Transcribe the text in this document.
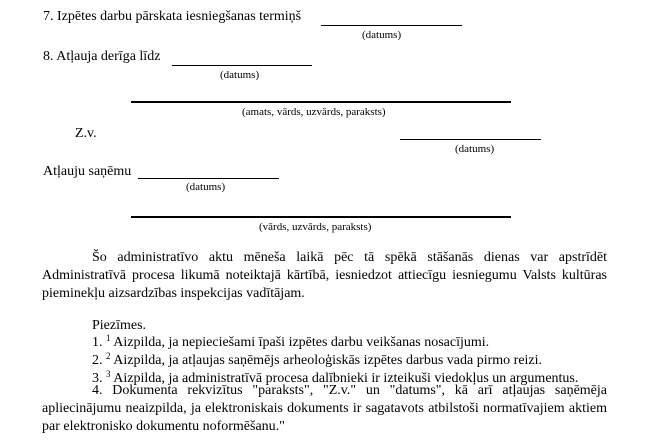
7. Izpētes darbu pārskata iesniegšanas termiņš
(datums)
8. Atļauja derīga līdz
(datums)
(amats, vārds, uzvārds, paraksts)
Z.v.
(datums)
Atļauju saņēmu
(datums)
(vārds, uzvārds, paraksts)
Šo administratīvo aktu mēneša laikā pēc tā spēkā stāšanās dienas var apstrīdēt Administratīvā procesa likumā noteiktajā kārtībā, iesniedzot attiecīgu iesniegumu Valsts kultūras pieminekļu aizsardzības inspekcijas vadītājam.
Piezīmes.
1. $^1$ Aizpilda, ja nepieciešami īpaši izpētes darbu veikšanas nosacījumi.
2. $^2$ Aizpilda, ja atļaujas saņēmējs arheoloģiskās izpētes darbus vada pirmo reizi.
3. $^3$ Aizpilda, ja administratīvā procesa dalībnieki ir izteikuši viedokļus un argumentus.
4. Dokumenta rekvizītus "paraksts", "Z.v." un "datums", kā arī atļaujas saņēmēja apliecinājumu neaizpilda, ja elektroniskais dokuments ir sagatavots atbilstoši normatīvajiem aktiem par elektronisko dokumentu noformēšanu."
